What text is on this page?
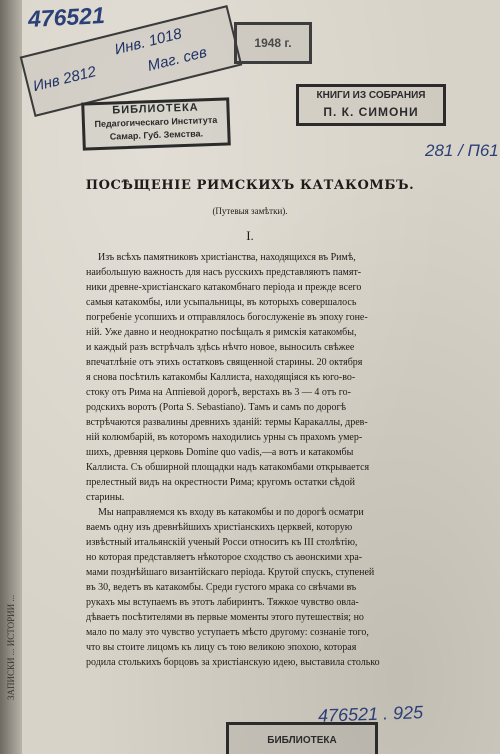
ЗАПИСКИ ... ИСТОРИИ ...
476521
Инв 2812
Инв. 1018
Маг. сев
1948 г.
БИБЛИОТЕКА
Педагогическаго Института
Самар. Губ. Земства.
КНИГИ ИЗ СОБРАНИЯ
П. К. СИМОНИ
281 / П61
ПОСѢЩЕНІЕ РИМСКИХЪ КАТАКОМБЪ.
(Путевыя замѣтки).
I.
Изъ всѣхъ памятниковъ христіанства, находящихся въ Римѣ,
наибольшую важность для насъ русскихъ представляютъ памят-
ники древне-христіанскаго катакомбнаго періода и прежде всего
самыя катакомбы, или усыпальницы, въ которыхъ совершалось
погребеніе усопшихъ и отправлялось богослуженіе въ эпоху гоне-
ній. Уже давно и неоднократно посѣщалъ я римскія катакомбы,
и каждый разъ встрѣчалъ здѣсь нѣчто новое, выносилъ свѣжее
впечатлѣніе отъ этихъ остатковъ священной старины. 20 октября
я снова посѣтилъ катакомбы Каллиста, находящіяся къ юго-во-
стоку отъ Рима на Аппіевой дорогѣ, верстахъ въ 3 — 4 отъ го-
родскихъ воротъ (Porta S. Sebastiano). Тамъ и самъ по дорогѣ
встрѣчаются развалины древнихъ зданій: термы Каракаллы, древ-
ній колюмбарій, въ которомъ находились урны съ прахомъ умер-
шихъ, древняя церковь Domine quo vadis,—а вотъ и катакомбы
Каллиста. Съ обширной площадки надъ катакомбами открывается
прелестный видъ на окрестности Рима; кругомъ остатки сѣдой
старины.
Мы направляемся къ входу въ катакомбы и по дорогѣ осматри
ваемъ одну изъ древнѣйшихъ христіанскихъ церквей, которую
извѣстный итальянскій ученый Росси относитъ къ III столѣтію,
но которая представляетъ нѣкоторое сходство съ аѳонскими хра-
мами позднѣйшаго византійскаго періода. Крутой спускъ, ступеней
въ 30, ведетъ въ катакомбы. Среди густого мрака со свѣчами въ
рукахъ мы вступаемъ въ этотъ лабиринтъ. Тяжкое чувство овла-
дѣваетъ посѣтителями въ первые моменты этого путешествія; но
мало по малу это чувство уступаетъ мѣсто другому: сознаніе того,
что вы стоите лицомъ къ лицу съ тою великою эпохою, которая
родила столькихъ борцовъ за христіанскую идею, выставила столько
476521 . 925
БИБЛИОТЕКА
